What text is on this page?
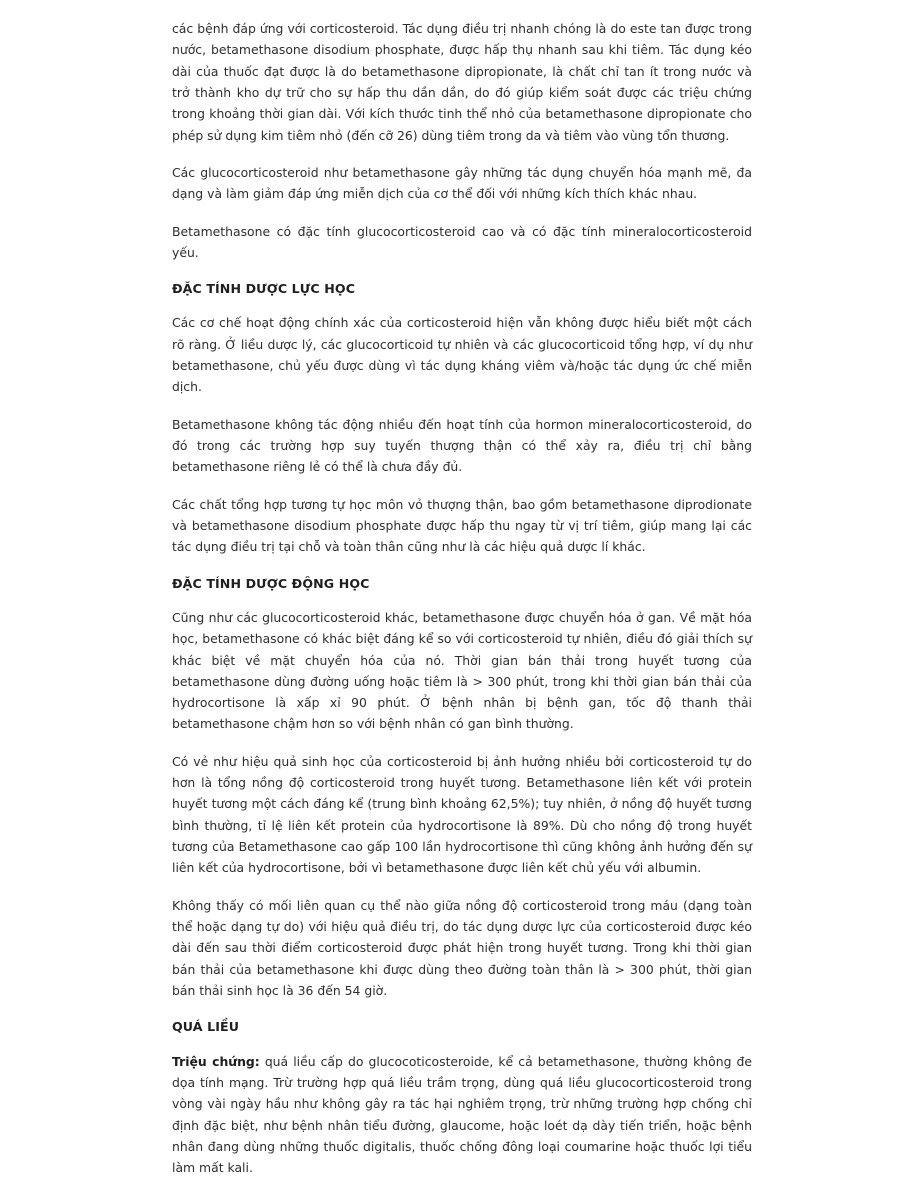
các bệnh đáp ứng với corticosteroid. Tác dụng điều trị nhanh chóng là do este tan được trong nước, betamethasone disodium phosphate, được hấp thụ nhanh sau khi tiêm. Tác dụng kéo dài của thuốc đạt được là do betamethasone dipropionate, là chất chỉ tan ít trong nước và trở thành kho dự trữ cho sự hấp thu dần dần, do đó giúp kiểm soát được các triệu chứng trong khoảng thời gian dài. Với kích thước tinh thể nhỏ của betamethasone dipropionate cho phép sử dụng kim tiêm nhỏ (đến cỡ 26) dùng tiêm trong da và tiêm vào vùng tổn thương.

Các glucocorticosteroid như betamethasone gây những tác dụng chuyển hóa mạnh mẽ, đa dạng và làm giảm đáp ứng miễn dịch của cơ thể đối với những kích thích khác nhau.

Betamethasone có đặc tính glucocorticosteroid cao và có đặc tính mineralocorticosteroid yếu.

ĐẶC TÍNH DƯỢC LỰC HỌC

Các cơ chế hoạt động chính xác của corticosteroid hiện vẫn không được hiểu biết một cách rõ ràng. Ở liều dược lý, các glucocorticoid tự nhiên và các glucocorticoid tổng hợp, ví dụ như betamethasone, chủ yếu được dùng vì tác dụng kháng viêm và/hoặc tác dụng ức chế miễn dịch.

Betamethasone không tác động nhiều đến hoạt tính của hormon mineralocorticosteroid, do đó trong các trường hợp suy tuyến thượng thận có thể xảy ra, điều trị chỉ bằng betamethasone riêng lẻ có thể là chưa đầy đủ.

Các chất tổng hợp tương tự học môn vỏ thượng thận, bao gồm betamethasone diprodionate và betamethasone disodium phosphate được hấp thu ngay từ vị trí tiêm, giúp mang lại các tác dụng điều trị tại chỗ và toàn thân cũng như là các hiệu quả dược lí khác.

ĐẶC TÍNH DƯỢC ĐỘNG HỌC

Cũng như các glucocorticosteroid khác, betamethasone được chuyển hóa ở gan. Về mặt hóa học, betamethasone có khác biệt đáng kể so với corticosteroid tự nhiên, điều đó giải thích sự khác biệt về mặt chuyển hóa của nó. Thời gian bán thải trong huyết tương của betamethasone dùng đường uống hoặc tiêm là > 300 phút, trong khi thời gian bán thải của hydrocortisone là xấp xỉ 90 phút. Ở bệnh nhân bị bệnh gan, tốc độ thanh thải betamethasone chậm hơn so với bệnh nhân có gan bình thường.

Có vẻ như hiệu quả sinh học của corticosteroid bị ảnh hưởng nhiều bởi corticosteroid tự do hơn là tổng nồng độ corticosteroid trong huyết tương. Betamethasone liên kết với protein huyết tương một cách đáng kể (trung bình khoảng 62,5%); tuy nhiên, ở nồng độ huyết tương bình thường, tỉ lệ liên kết protein của hydrocortisone là 89%. Dù cho nồng độ trong huyết tương của Betamethasone cao gấp 100 lần hydrocortisone thì cũng không ảnh hưởng đến sự liên kết của hydrocortisone, bởi vì betamethasone được liên kết chủ yếu với albumin.

Không thấy có mối liên quan cụ thể nào giữa nồng độ corticosteroid trong máu (dạng toàn thể hoặc dạng tự do) với hiệu quả điều trị, do tác dụng dược lực của corticosteroid được kéo dài đến sau thời điểm corticosteroid được phát hiện trong huyết tương. Trong khi thời gian bán thải của betamethasone khi được dùng theo đường toàn thân là > 300 phút, thời gian bán thải sinh học là 36 đến 54 giờ.

QUÁ LIỀU

Triệu chứng: quá liều cấp do glucocoticosteroide, kể cả betamethasone, thường không đe dọa tính mạng. Trừ trường hợp quá liều trầm trọng, dùng quá liều glucocorticosteroid trong vòng vài ngày hầu như không gây ra tác hại nghiêm trọng, trừ những trường hợp chống chỉ định đặc biệt, như bệnh nhân tiểu đường, glaucome, hoặc loét dạ dày tiến triển, hoặc bệnh nhân đang dùng những thuốc digitalis, thuốc chống đông loại coumarine hoặc thuốc lợi tiểu làm mất kali.
